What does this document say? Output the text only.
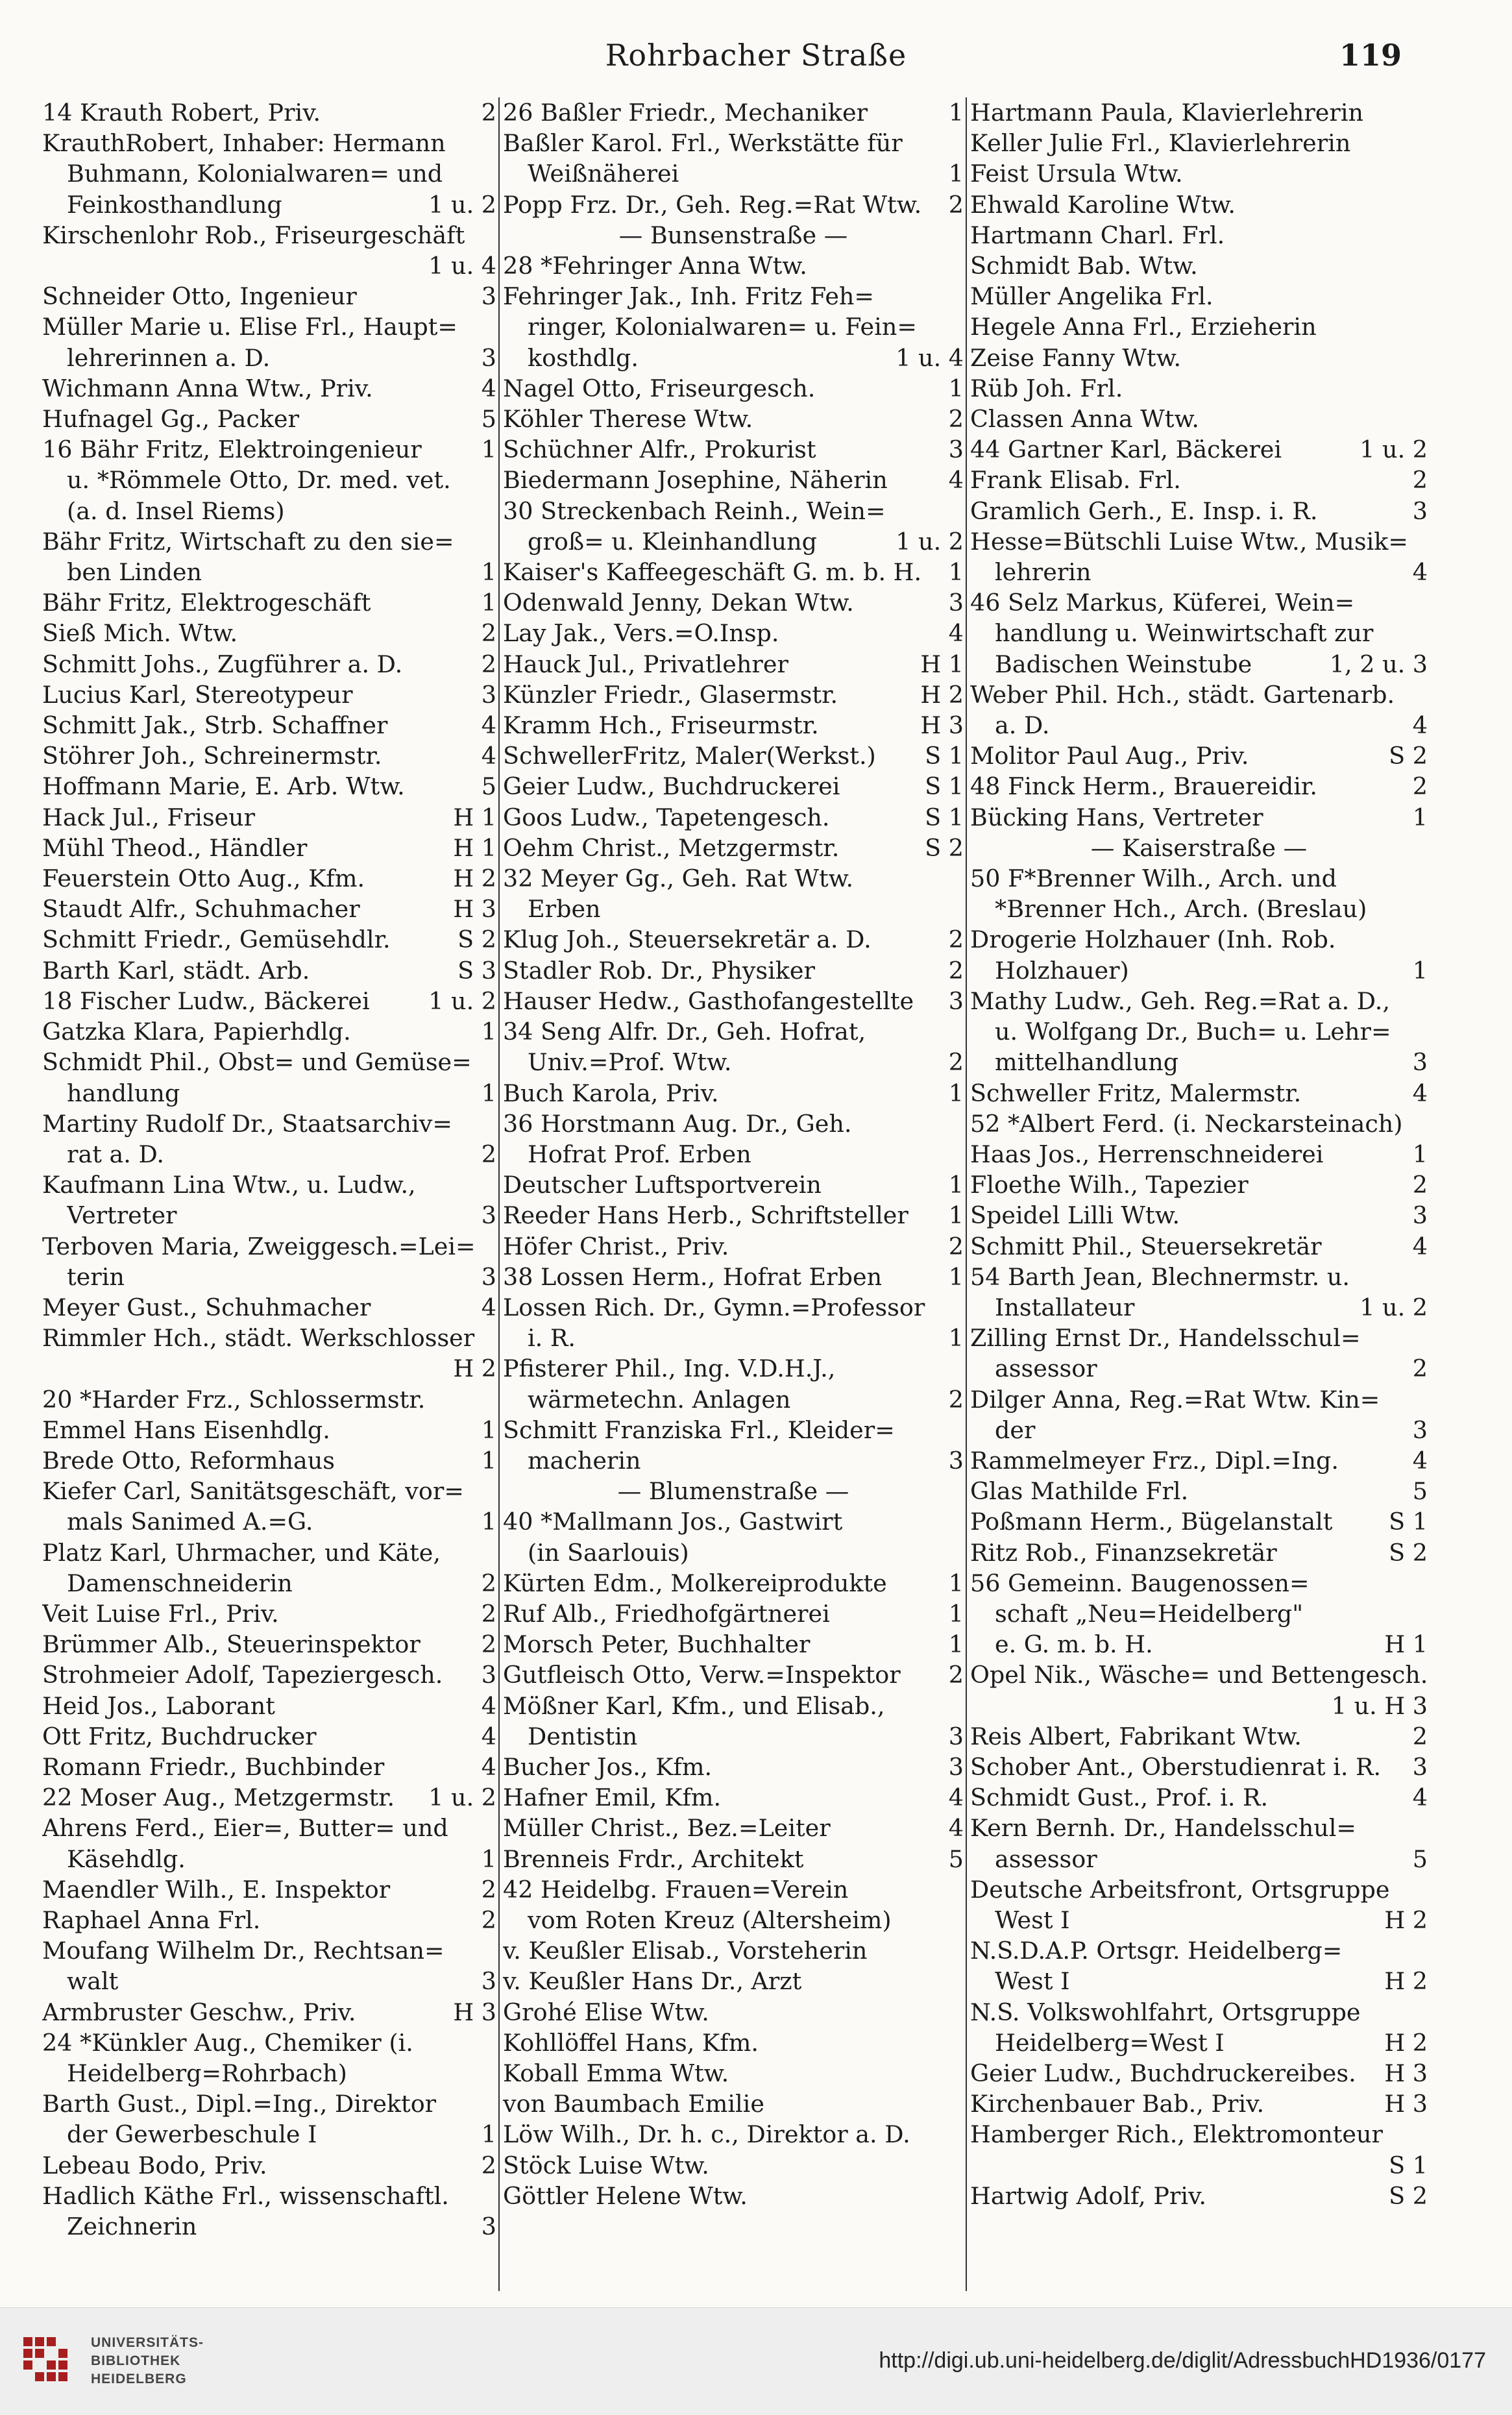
Rohrbacher Straße	119
14 Krauth Robert, Priv.	2
KrauthRobert, Inhaber: Hermann
Buhmann, Kolonialwaren= und
Feinkosthandlung	1 u. 2
Kirschenlohr Rob., Friseurgeschäft
1 u. 4
Schneider Otto, Ingenieur	3
Müller Marie u. Elise Frl., Haupt=
lehrerinnen a. D.	3
Wichmann Anna Wtw., Priv.	4
Hufnagel Gg., Packer	5
16 Bähr Fritz, Elektroingenieur	1
u. *Römmele Otto, Dr. med. vet.
(a. d. Insel Riems)
Bähr Fritz, Wirtschaft zu den sie=
ben Linden	1
Bähr Fritz, Elektrogeschäft	1
Sieß Mich. Wtw.	2
Schmitt Johs., Zugführer a. D.	2
Lucius Karl, Stereotypeur	3
Schmitt Jak., Strb. Schaffner	4
Stöhrer Joh., Schreinermstr.	4
Hoffmann Marie, E. Arb. Wtw.	5
Hack Jul., Friseur	H 1
Mühl Theod., Händler	H 1
Feuerstein Otto Aug., Kfm.	H 2
Staudt Alfr., Schuhmacher	H 3
Schmitt Friedr., Gemüsehdlr.	S 2
Barth Karl, städt. Arb.	S 3
18 Fischer Ludw., Bäckerei	1 u. 2
Gatzka Klara, Papierhdlg.	1
Schmidt Phil., Obst= und Gemüse=
handlung	1
Martiny Rudolf Dr., Staatsarchiv=
rat a. D.	2
Kaufmann Lina Wtw., u. Ludw.,
Vertreter	3
Terboven Maria, Zweiggesch.=Lei=
terin	3
Meyer Gust., Schuhmacher	4
Rimmler Hch., städt. Werkschlosser
H 2
20 *Harder Frz., Schlossermstr.
Emmel Hans Eisenhdlg.	1
Brede Otto, Reformhaus	1
Kiefer Carl, Sanitätsgeschäft, vor=
mals Sanimed A.=G.	1
Platz Karl, Uhrmacher, und Käte,
Damenschneiderin	2
Veit Luise Frl., Priv.	2
Brümmer Alb., Steuerinspektor	2
Strohmeier Adolf, Tapeziergesch.	3
Heid Jos., Laborant	4
Ott Fritz, Buchdrucker	4
Romann Friedr., Buchbinder	4
22 Moser Aug., Metzgermstr.	1 u. 2
Ahrens Ferd., Eier=, Butter= und
Käsehdlg.	1
Maendler Wilh., E. Inspektor	2
Raphael Anna Frl.	2
Moufang Wilhelm Dr., Rechtsan=
walt	3
Armbruster Geschw., Priv.	H 3
24 *Künkler Aug., Chemiker (i.
Heidelberg=Rohrbach)
Barth Gust., Dipl.=Ing., Direktor
der Gewerbeschule I	1
Lebeau Bodo, Priv.	2
Hadlich Käthe Frl., wissenschaftl.
Zeichnerin	3
26 Baßler Friedr., Mechaniker	1
Baßler Karol. Frl., Werkstätte für
Weißnäherei	1
Popp Frz. Dr., Geh. Reg.=Rat Wtw.	2
— Bunsenstraße —
28 *Fehringer Anna Wtw.
Fehringer Jak., Inh. Fritz Feh=
ringer, Kolonialwaren= u. Fein=
kosthdlg.	1 u. 4
Nagel Otto, Friseurgesch.	1
Köhler Therese Wtw.	2
Schüchner Alfr., Prokurist	3
Biedermann Josephine, Näherin	4
30 Streckenbach Reinh., Wein=
groß= u. Kleinhandlung	1 u. 2
Kaiser's Kaffeegeschäft G. m. b. H.	1
Odenwald Jenny, Dekan Wtw.	3
Lay Jak., Vers.=O.Insp.	4
Hauck Jul., Privatlehrer	H 1
Künzler Friedr., Glasermstr.	H 2
Kramm Hch., Friseurmstr.	H 3
SchwellerFritz, Maler(Werkst.)	S 1
Geier Ludw., Buchdruckerei	S 1
Goos Ludw., Tapetengesch.	S 1
Oehm Christ., Metzgermstr.	S 2
32 Meyer Gg., Geh. Rat Wtw.
Erben
Klug Joh., Steuersekretär a. D.	2
Stadler Rob. Dr., Physiker	2
Hauser Hedw., Gasthofangestellte	3
34 Seng Alfr. Dr., Geh. Hofrat,
Univ.=Prof. Wtw.	2
Buch Karola, Priv.	1
36 Horstmann Aug. Dr., Geh.
Hofrat Prof. Erben
Deutscher Luftsportverein	1
Reeder Hans Herb., Schriftsteller	1
Höfer Christ., Priv.	2
38 Lossen Herm., Hofrat Erben	1
Lossen Rich. Dr., Gymn.=Professor
i. R.	1
Pfisterer Phil., Ing. V.D.H.J.,
wärmetechn. Anlagen	2
Schmitt Franziska Frl., Kleider=
macherin	3
— Blumenstraße —
40 *Mallmann Jos., Gastwirt
(in Saarlouis)
Kürten Edm., Molkereiprodukte	1
Ruf Alb., Friedhofgärtnerei	1
Morsch Peter, Buchhalter	1
Gutfleisch Otto, Verw.=Inspektor	2
Mößner Karl, Kfm., und Elisab.,
Dentistin	3
Bucher Jos., Kfm.	3
Hafner Emil, Kfm.	4
Müller Christ., Bez.=Leiter	4
Brenneis Frdr., Architekt	5
42 Heidelbg. Frauen=Verein
vom Roten Kreuz (Altersheim)
v. Keußler Elisab., Vorsteherin
v. Keußler Hans Dr., Arzt
Grohé Elise Wtw.
Kohllöffel Hans, Kfm.
Koball Emma Wtw.
von Baumbach Emilie
Löw Wilh., Dr. h. c., Direktor a. D.
Stöck Luise Wtw.
Göttler Helene Wtw.
Hartmann Paula, Klavierlehrerin
Keller Julie Frl., Klavierlehrerin
Feist Ursula Wtw.
Ehwald Karoline Wtw.
Hartmann Charl. Frl.
Schmidt Bab. Wtw.
Müller Angelika Frl.
Hegele Anna Frl., Erzieherin
Zeise Fanny Wtw.
Rüb Joh. Frl.
Classen Anna Wtw.
44 Gartner Karl, Bäckerei	1 u. 2
Frank Elisab. Frl.	2
Gramlich Gerh., E. Insp. i. R.	3
Hesse=Bütschli Luise Wtw., Musik=
lehrerin	4
46 Selz Markus, Küferei, Wein=
handlung u. Weinwirtschaft zur
Badischen Weinstube	1, 2 u. 3
Weber Phil. Hch., städt. Gartenarb.
a. D.	4
Molitor Paul Aug., Priv.	S 2
48 Finck Herm., Brauereidir.	2
Bücking Hans, Vertreter	1
— Kaiserstraße —
50 F*Brenner Wilh., Arch. und
*Brenner Hch., Arch. (Breslau)
Drogerie Holzhauer (Inh. Rob.
Holzhauer)	1
Mathy Ludw., Geh. Reg.=Rat a. D.,
u. Wolfgang Dr., Buch= u. Lehr=
mittelhandlung	3
Schweller Fritz, Malermstr.	4
52 *Albert Ferd. (i. Neckarsteinach)
Haas Jos., Herrenschneiderei	1
Floethe Wilh., Tapezier	2
Speidel Lilli Wtw.	3
Schmitt Phil., Steuersekretär	4
54 Barth Jean, Blechnermstr. u.
Installateur	1 u. 2
Zilling Ernst Dr., Handelsschul=
assessor	2
Dilger Anna, Reg.=Rat Wtw. Kin=
der	3
Rammelmeyer Frz., Dipl.=Ing.	4
Glas Mathilde Frl.	5
Poßmann Herm., Bügelanstalt	S 1
Ritz Rob., Finanzsekretär	S 2
56 Gemeinn. Baugenossen=
schaft „Neu=Heidelberg"
e. G. m. b. H.	H 1
Opel Nik., Wäsche= und Bettengesch.
1 u. H 3
Reis Albert, Fabrikant Wtw.	2
Schober Ant., Oberstudienrat i. R.	3
Schmidt Gust., Prof. i. R.	4
Kern Bernh. Dr., Handelsschul=
assessor	5
Deutsche Arbeitsfront, Ortsgruppe
West I	H 2
N.S.D.A.P. Ortsgr. Heidelberg=
West I	H 2
N.S. Volkswohlfahrt, Ortsgruppe
Heidelberg=West I	H 2
Geier Ludw., Buchdruckereibes.	H 3
Kirchenbauer Bab., Priv.	H 3
Hamberger Rich., Elektromonteur
S 1
Hartwig Adolf, Priv.	S 2
UNIVERSITÄTS-
BIBLIOTHEK
HEIDELBERG
http://digi.ub.uni-heidelberg.de/diglit/AdressbuchHD1936/0177
